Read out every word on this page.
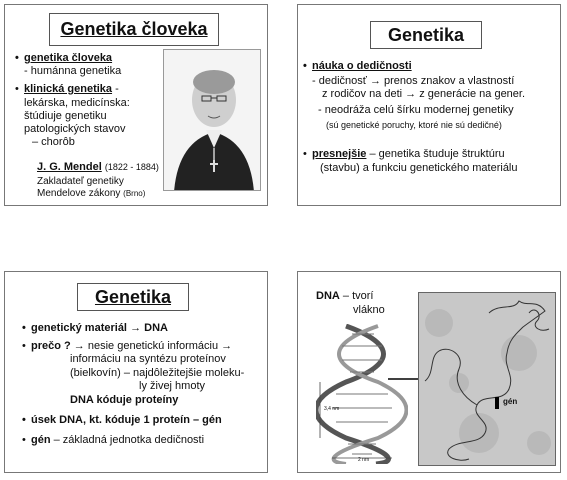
Genetika človeka
• genetika človeka
- humánna genetika
• klinická genetika -
lekárska, medicínska:
štúdiuje genetiku
patologických stavov
– chorôb
J. G. Mendel (1822 - 1884)
Zakladateľ genetiky
Mendelove zákony (Brno)
Genetika
• náuka o dedičnosti
- dedičnosť → prenos znakov a vlastností
z rodičov na deti → z generácie na gener.
- neodráža celú šírku modernej genetiky
(sú genetické poruchy, ktoré nie sú dedičné)
• presnejšie – genetika študuje štruktúru
(stavbu) a funkciu genetického materiálu
Genetika
• genetický materiál → DNA
• prečo ? → nesie genetickú informáciu →
informáciu na syntézu proteínov
(bielkovín) – najdôležitejšie moleku-
ly živej hmoty
DNA kóduje proteíny
• úsek DNA, kt. kóduje 1 proteín – gén
• gén – základná jednotka dedičnosti
DNA – tvorí
vlákno
3,4 nm
2 nm
gén
